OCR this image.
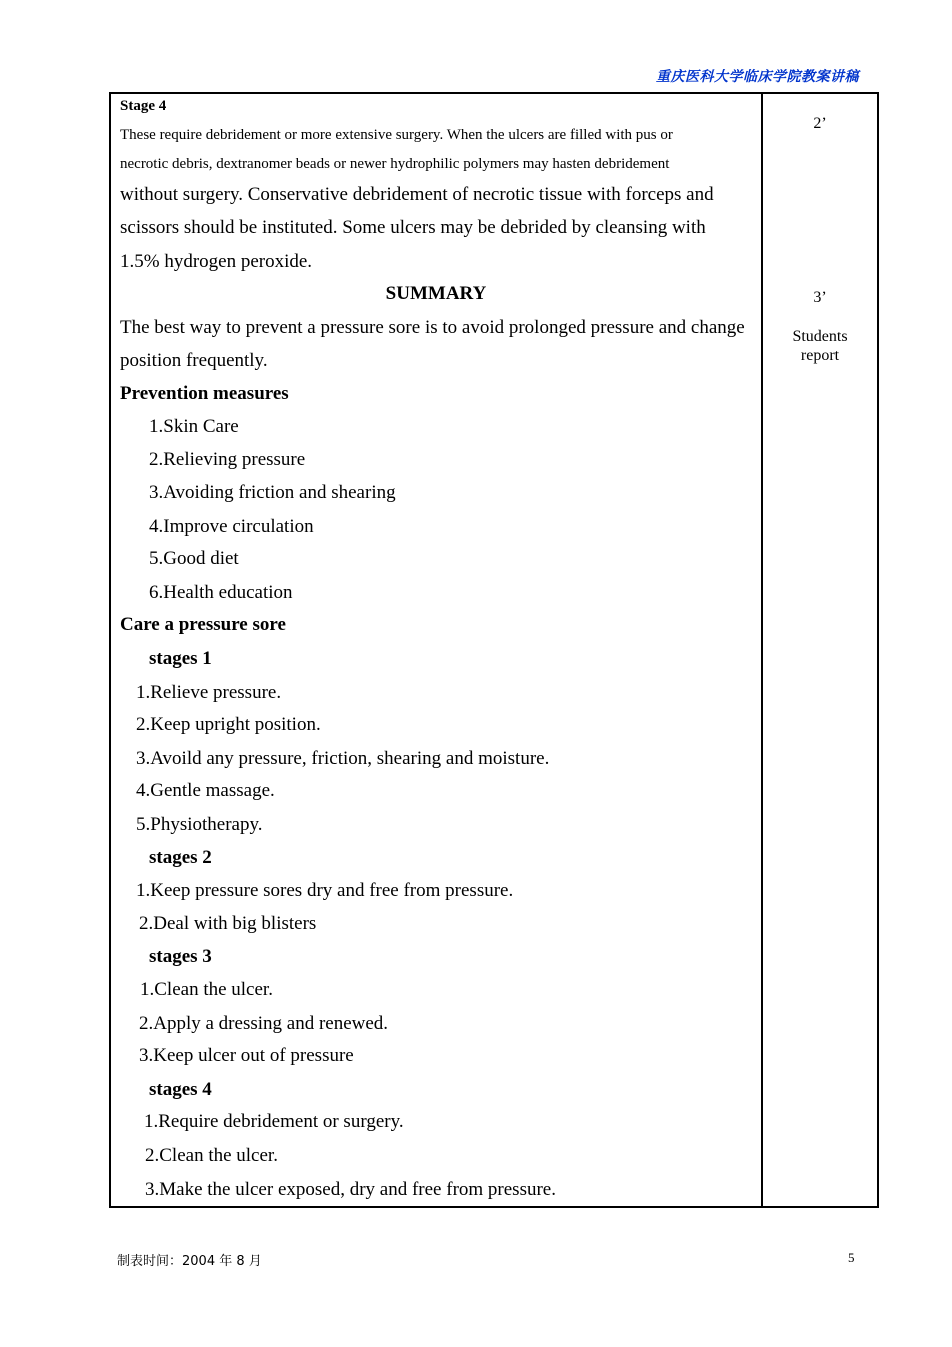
重庆医科大学临床学院教案讲稿
Stage 4
These require debridement or more extensive surgery. When the ulcers are filled with pus or
necrotic debris, dextranomer beads or newer hydrophilic polymers may hasten debridement
without surgery. Conservative debridement of necrotic tissue with forceps and
scissors should be instituted. Some ulcers may be debrided by cleansing with
1.5% hydrogen peroxide.
SUMMARY
The best way to prevent a pressure sore is to avoid prolonged pressure and change
position frequently.
Prevention measures
1.Skin Care
2.Relieving pressure
3.Avoiding friction and shearing
4.Improve circulation
5.Good diet
6.Health education
Care a pressure sore
stages 1
1.Relieve pressure.
2.Keep upright position.
3.Avoild any pressure, friction, shearing and moisture.
4.Gentle massage.
5.Physiotherapy.
stages 2
1.Keep pressure sores dry and free from pressure.
2.Deal with big blisters
stages 3
1.Clean the ulcer.
2.Apply a dressing and renewed.
3.Keep ulcer out of pressure
stages 4
1.Require debridement or surgery.
2.Clean the ulcer.
3.Make the ulcer exposed, dry and free from pressure.
2’
3’
Students
report
制表时间：2004 年 8 月	5
